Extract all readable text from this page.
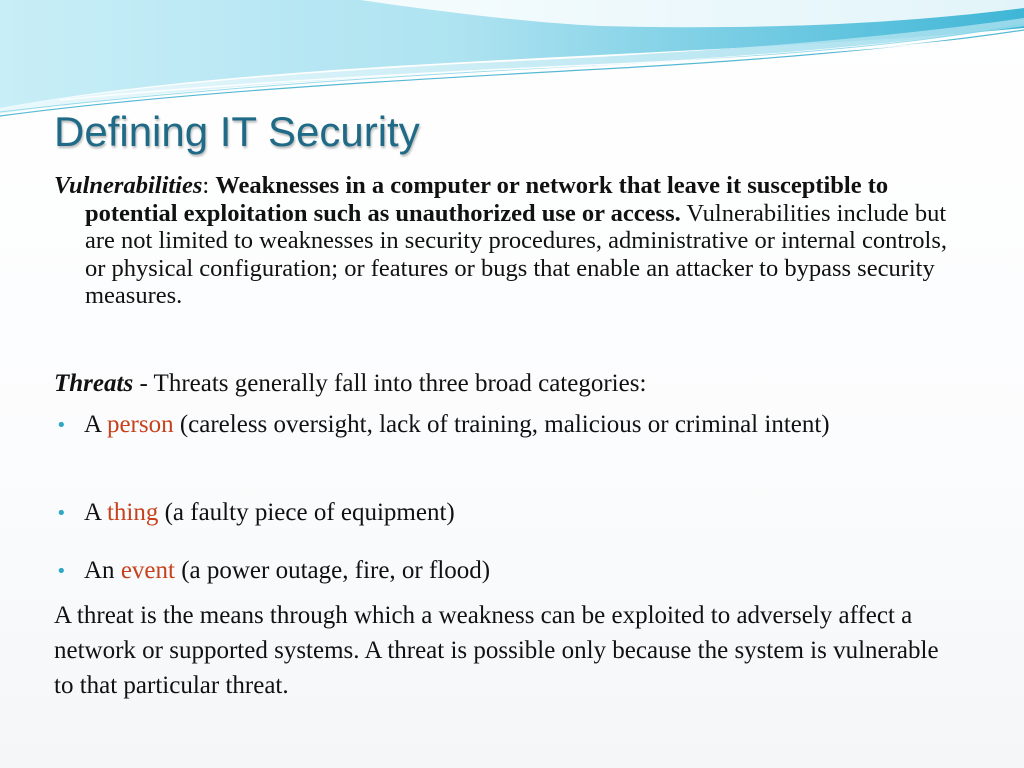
Defining IT Security

Vulnerabilities: Weaknesses in a computer or network that leave it susceptible to potential exploitation such as unauthorized use or access. Vulnerabilities include but are not limited to weaknesses in security procedures, administrative or internal controls, or physical configuration; or features or bugs that enable an attacker to bypass security measures.

Threats - Threats generally fall into three broad categories:

• A person (careless oversight, lack of training, malicious or criminal intent)
• A thing (a faulty piece of equipment)
• An event (a power outage, fire, or flood)

A threat is the means through which a weakness can be exploited to adversely affect a network or supported systems. A threat is possible only because the system is vulnerable to that particular threat.
